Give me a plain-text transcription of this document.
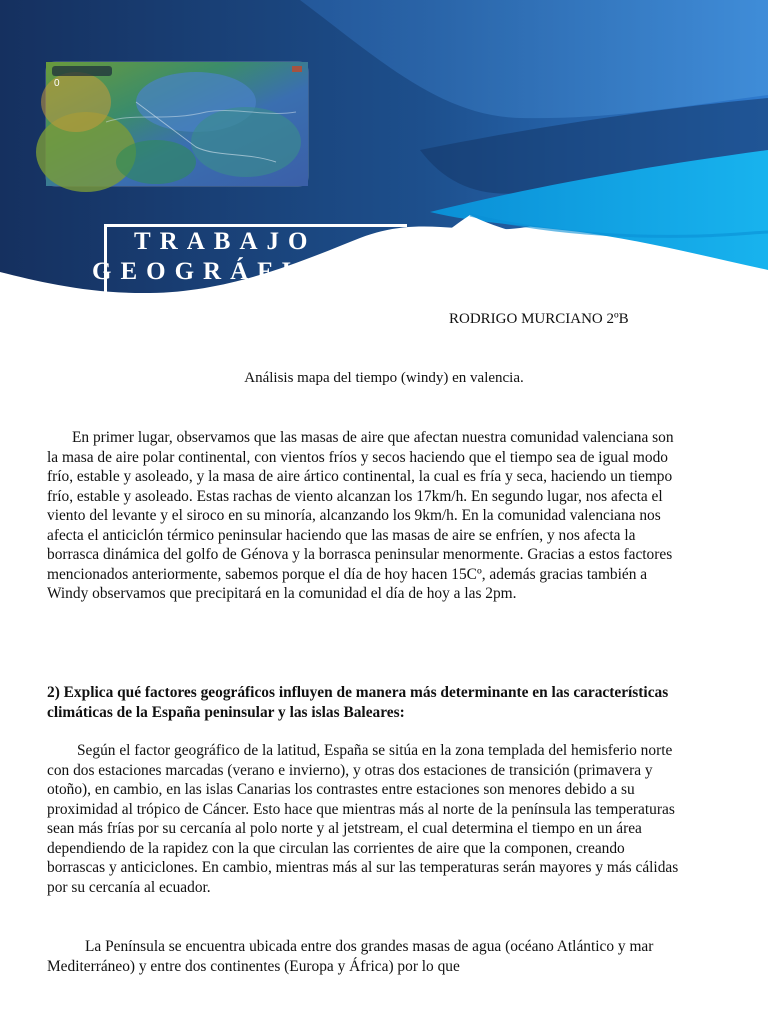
0
TRABAJO
GEOGRÁFICO
RODRIGO MURCIANO 2ºB
Análisis mapa del tiempo (windy) en valencia.

En primer lugar, observamos que las masas de aire que afectan nuestra comunidad valenciana son la masa de aire polar continental, con vientos fríos y secos haciendo que el tiempo sea de igual modo frío, estable y asoleado, y la masa de aire ártico continental, la cual es fría y seca, haciendo un tiempo frío, estable y asoleado. Estas rachas de viento alcanzan los 17km/h. En segundo lugar, nos afecta el viento del levante y el siroco en su minoría, alcanzando los 9km/h. En la comunidad valenciana nos afecta el anticiclón térmico peninsular haciendo que las masas de aire se enfríen, y nos afecta la borrasca dinámica del golfo de Génova y la borrasca peninsular menormente. Gracias a estos factores mencionados anteriormente, sabemos porque el día de hoy hacen 15Cº, además gracias también a Windy observamos que precipitará en la comunidad el día de hoy a las 2pm.

2) Explica qué factores geográficos influyen de manera más determinante en las características climáticas de la España peninsular y las islas Baleares:

Según el factor geográfico de la latitud, España se sitúa en la zona templada del hemisferio norte con dos estaciones marcadas (verano e invierno), y otras dos estaciones de transición (primavera y otoño), en cambio, en las islas Canarias los contrastes entre estaciones son menores debido a su proximidad al trópico de Cáncer. Esto hace que mientras más al norte de la península las temperaturas sean más frías por su cercanía al polo norte y al jetstream, el cual determina el tiempo en un área dependiendo de la rapidez con la que circulan las corrientes de aire que la componen, creando borrascas y anticiclones. En cambio, mientras más al sur las temperaturas serán mayores y más cálidas por su cercanía al ecuador.

La Península se encuentra ubicada entre dos grandes masas de agua (océano Atlántico y mar Mediterráneo) y entre dos continentes (Europa y África) por lo que
